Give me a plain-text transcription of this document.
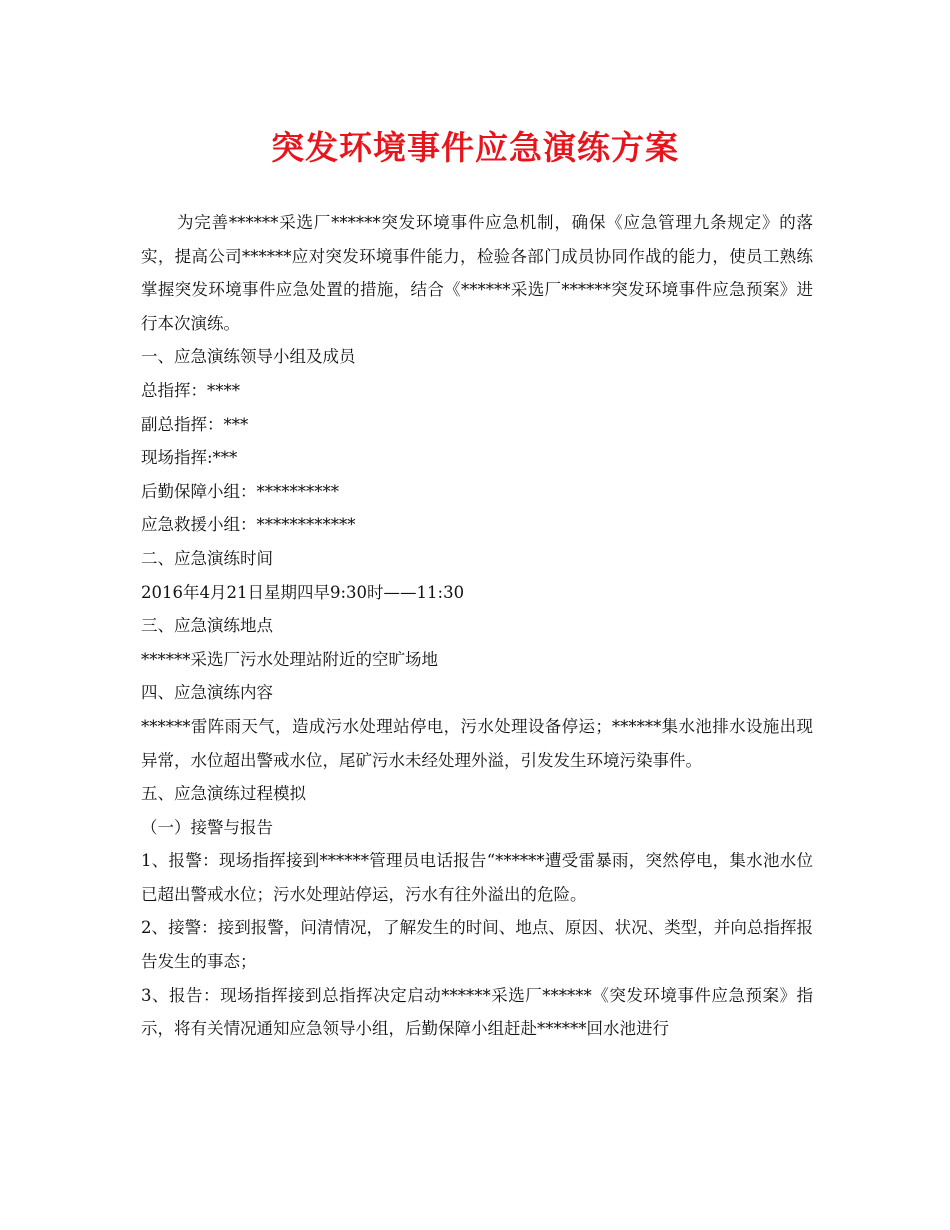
突发环境事件应急演练方案

为完善******采选厂******突发环境事件应急机制，确保《应急管理九条规定》的落实，提高公司******应对突发环境事件能力，检验各部门成员协同作战的能力，使员工熟练掌握突发环境事件应急处置的措施，结合《******采选厂******突发环境事件应急预案》进行本次演练。

一、应急演练领导小组及成员

总指挥：****

副总指挥：***

现场指挥:***

后勤保障小组：**********

应急救援小组：************

二、应急演练时间

2016年4月21日星期四早9:30时——11:30

三、应急演练地点

******采选厂污水处理站附近的空旷场地

四、应急演练内容

******雷阵雨天气，造成污水处理站停电，污水处理设备停运；******集水池排水设施出现异常，水位超出警戒水位，尾矿污水未经处理外溢，引发发生环境污染事件。

五、应急演练过程模拟

（一）接警与报告

1、报警：现场指挥接到******管理员电话报告“******遭受雷暴雨，突然停电，集水池水位已超出警戒水位；污水处理站停运，污水有往外溢出的危险。

2、接警：接到报警，问清情况，了解发生的时间、地点、原因、状况、类型，并向总指挥报告发生的事态；

3、报告：现场指挥接到总指挥决定启动******采选厂******《突发环境事件应急预案》指示，将有关情况通知应急领导小组，后勤保障小组赶赴******回水池进行
